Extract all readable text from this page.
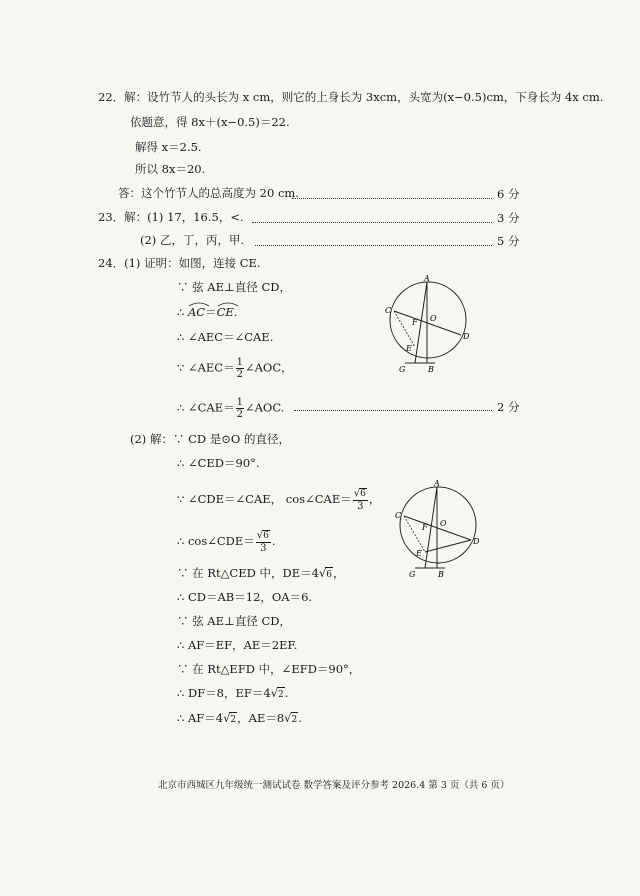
22．解：设竹节人的头长为 x cm，则它的上身长为 3xcm，头宽为(x−0.5)cm，下身长为 4x cm.
依题意，得 8x＋(x−0.5)＝22.
解得 x＝2.5.
所以 8x＝20.
答：这个竹节人的总高度为 20 cm.	6 分
23．解：(1) 17，16.5，<.	3 分
(2) 乙，丁，丙，甲.	5 分
24．(1) 证明：如图，连接 CE.
∵ 弦 AE⊥直径 CD，
∴ AC＝
CE.
∴ ∠AEC＝∠CAE.
∵ ∠AEC＝ $\frac{1}{2}$ ∠AOC，
∴ ∠CAE＝ $\frac{1}{2}$ ∠AOC.	2 分
A
C
O
D
F
E
G	B
(2) 解：∵ CD 是⊙O 的直径，
∴ ∠CED＝90°.
∵ ∠CDE＝∠CAE， cos∠CAE＝ $\frac{√6}{3}$ ，
∴ cos∠CDE＝ $\frac{√6}{3}$ .
∵ 在 Rt△CED 中，DE＝4√6，
∴ CD＝AB＝12，OA＝6.
∵ 弦 AE⊥直径 CD，
∴ AF＝EF，AE＝2EF.
∵ 在 Rt△EFD 中，∠EFD＝90°，
∴ DF＝8，EF＝4√2.
∴ AF＝4√2，AE＝8√2.
A
C
O
D
F
E
G	B
北京市西城区九年级统一测试试卷 数学答案及评分参考 2026.4 第 3 页（共 6 页）
